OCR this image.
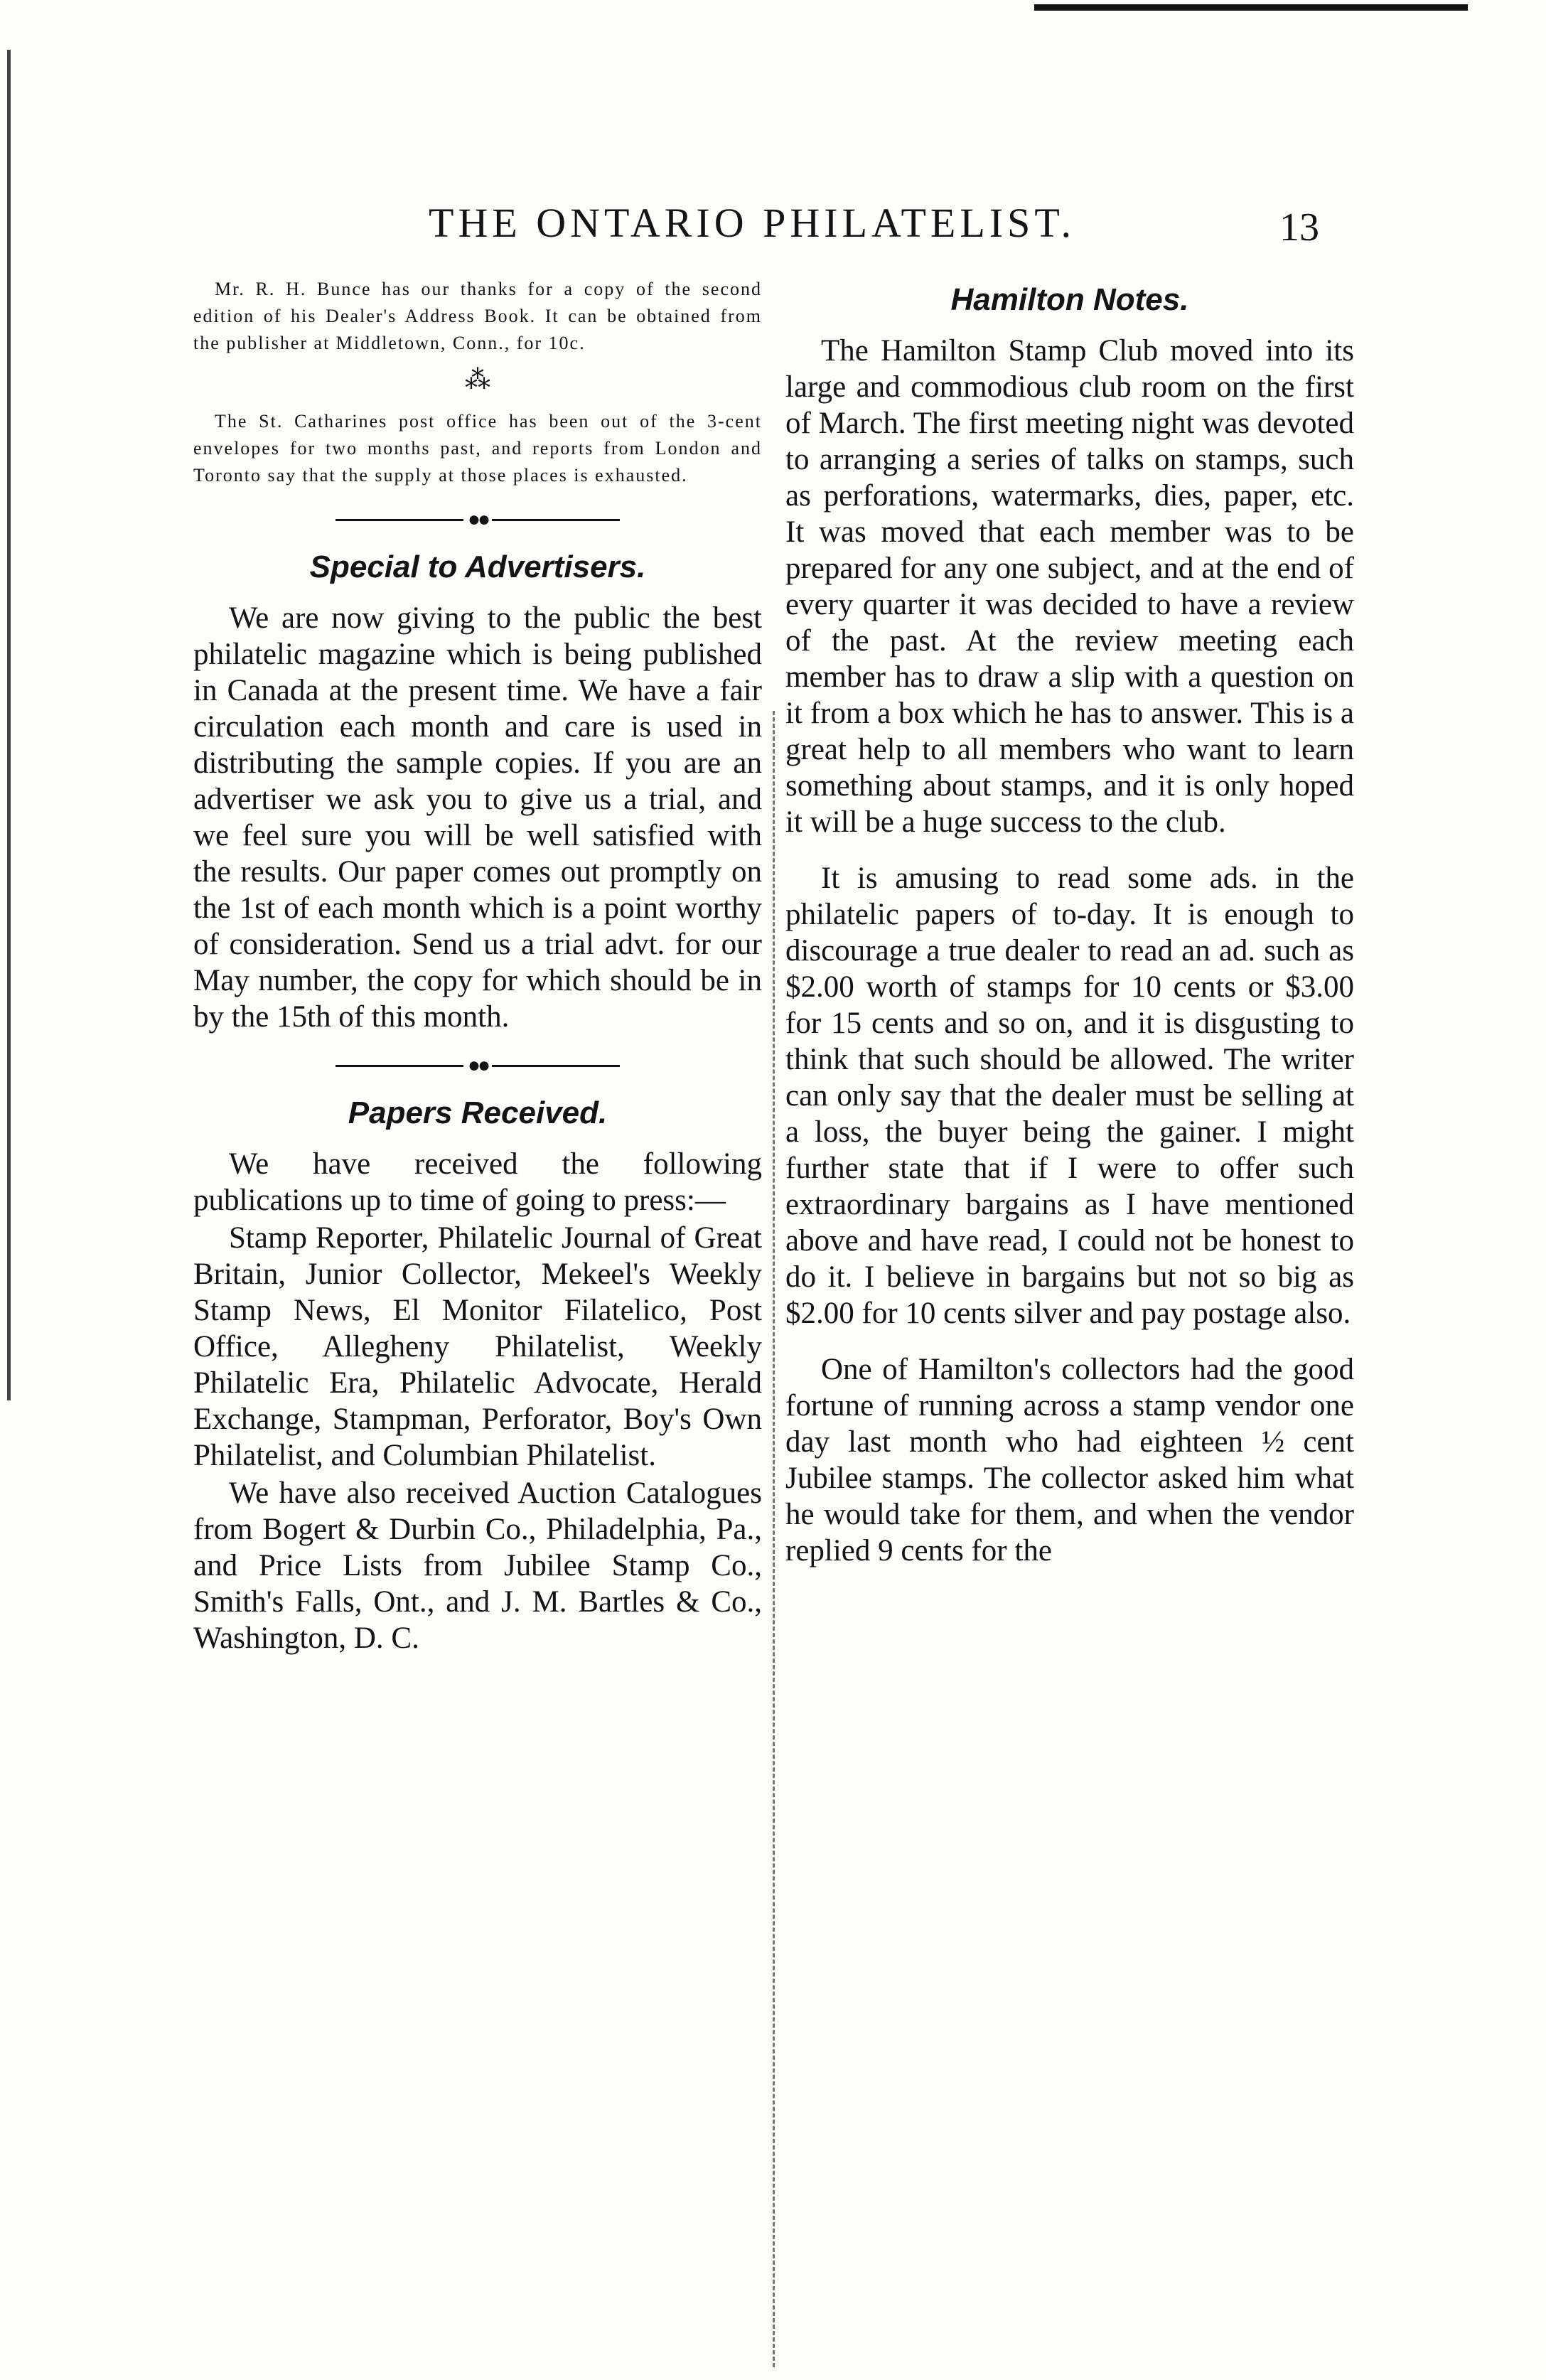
THE ONTARIO PHILATELIST.	13

Mr. R. H. Bunce has our thanks for a copy of the second edition of his Dealer's Address Book. It can be obtained from the publisher at Middletown, Conn., for 10c.

⁂

The St. Catharines post office has been out of the 3-cent envelopes for two months past, and reports from London and Toronto say that the supply at those places is exhausted.

●●
Special to Advertisers.

We are now giving to the public the best philatelic magazine which is being published in Canada at the present time. We have a fair circulation each month and care is used in distributing the sample copies. If you are an advertiser we ask you to give us a trial, and we feel sure you will be well satisfied with the results. Our paper comes out promptly on the 1st of each month which is a point worthy of consideration. Send us a trial advt. for our May number, the copy for which should be in by the 15th of this month.

●●
Papers Received.

We have received the following publications up to time of going to press:—

Stamp Reporter, Philatelic Journal of Great Britain, Junior Collector, Mekeel's Weekly Stamp News, El Monitor Filatelico, Post Office, Allegheny Philatelist, Weekly Philatelic Era, Philatelic Advocate, Herald Exchange, Stampman, Perforator, Boy's Own Philatelist, and Columbian Philatelist.

We have also received Auction Catalogues from Bogert & Durbin Co., Philadelphia, Pa., and Price Lists from Jubilee Stamp Co., Smith's Falls, Ont., and J. M. Bartles & Co., Washington, D. C.

Hamilton Notes.

The Hamilton Stamp Club moved into its large and commodious club room on the first of March. The first meeting night was devoted to arranging a series of talks on stamps, such as perforations, watermarks, dies, paper, etc. It was moved that each member was to be prepared for any one subject, and at the end of every quarter it was decided to have a review of the past. At the review meeting each member has to draw a slip with a question on it from a box which he has to answer. This is a great help to all members who want to learn something about stamps, and it is only hoped it will be a huge success to the club.

It is amusing to read some ads. in the philatelic papers of to-day. It is enough to discourage a true dealer to read an ad. such as $2.00 worth of stamps for 10 cents or $3.00 for 15 cents and so on, and it is disgusting to think that such should be allowed. The writer can only say that the dealer must be selling at a loss, the buyer being the gainer. I might further state that if I were to offer such extraordinary bargains as I have mentioned above and have read, I could not be honest to do it. I believe in bargains but not so big as $2.00 for 10 cents silver and pay postage also.

One of Hamilton's collectors had the good fortune of running across a stamp vendor one day last month who had eighteen ½ cent Jubilee stamps. The collector asked him what he would take for them, and when the vendor replied 9 cents for the
